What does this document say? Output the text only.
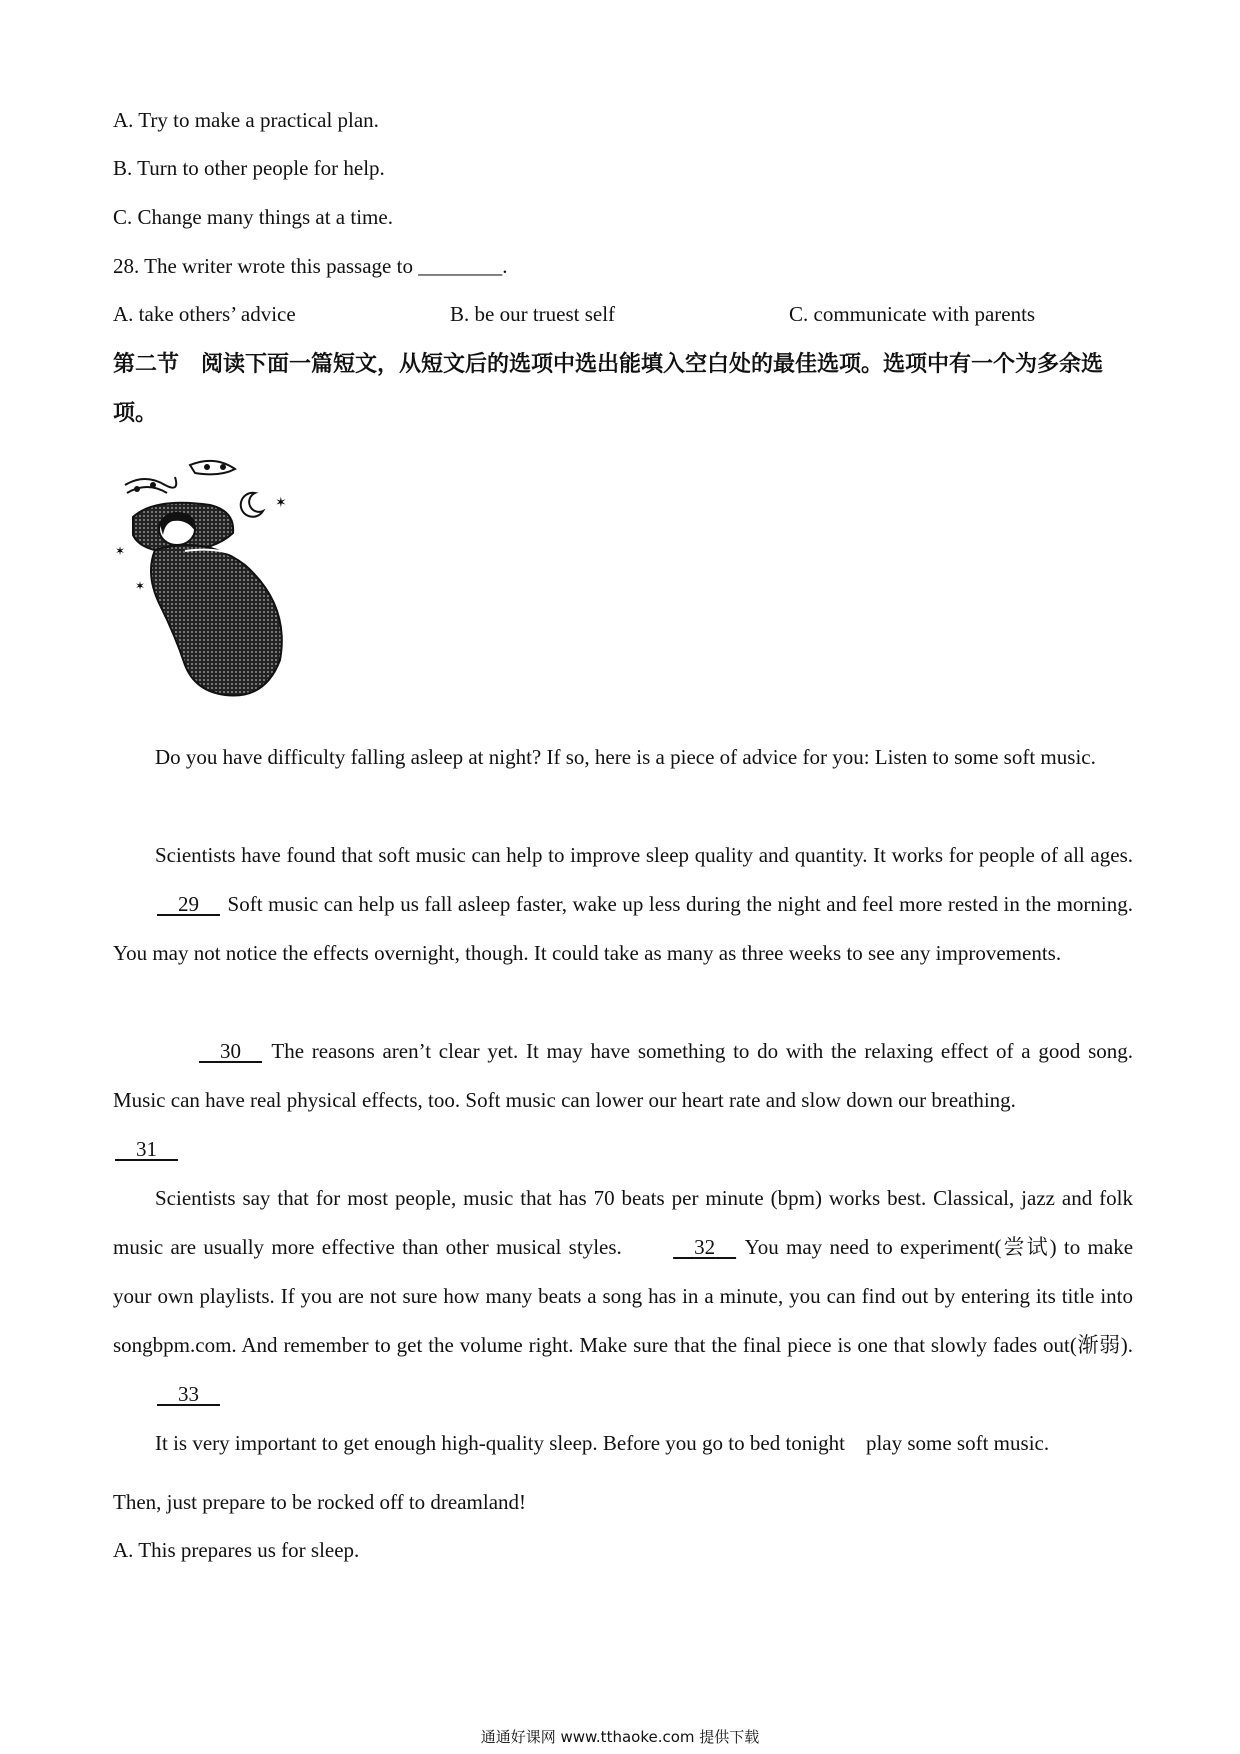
A. Try to make a practical plan.
B. Turn to other people for help.
C. Change many things at a time.
28. The writer wrote this passage to ________.
A. take others’ advice	B. be our truest self	C. communicate with parents
第二节　阅读下面一篇短文，从短文后的选项中选出能填入空白处的最佳选项。选项中有一个为多余选项。
✶
✶
✶
Do you have difficulty falling asleep at night? If so, here is a piece of advice for you: Listen to some soft music.
Scientists have found that soft music can help to improve sleep quality and quantity. It works for people of all ages.     29 Soft music can help us fall asleep faster, wake up less during the night and feel more rested in the morning. You may not notice the effects overnight, though. It could take as many as three weeks to see any improvements.
30 The reasons aren’t clear yet. It may have something to do with the relaxing effect of a good song. Music can have real physical effects, too. Soft music can lower our heart rate and slow down our breathing.
31
Scientists say that for most people, music that has 70 beats per minute (bpm) works best. Classical, jazz and folk music are usually more effective than other musical styles.	32 You may need to experiment(尝试) to make your own playlists. If you are not sure how many beats a song has in a minute, you can find out by entering its title into songbpm.com. And remember to get the volume right. Make sure that the final piece is one that slowly fades out(渐弱).     33
It is very important to get enough high-quality sleep. Before you go to bed tonight　play some soft music.
Then, just prepare to be rocked off to dreamland!
A. This prepares us for sleep.
通通好课网 www.tthaoke.com 提供下载
